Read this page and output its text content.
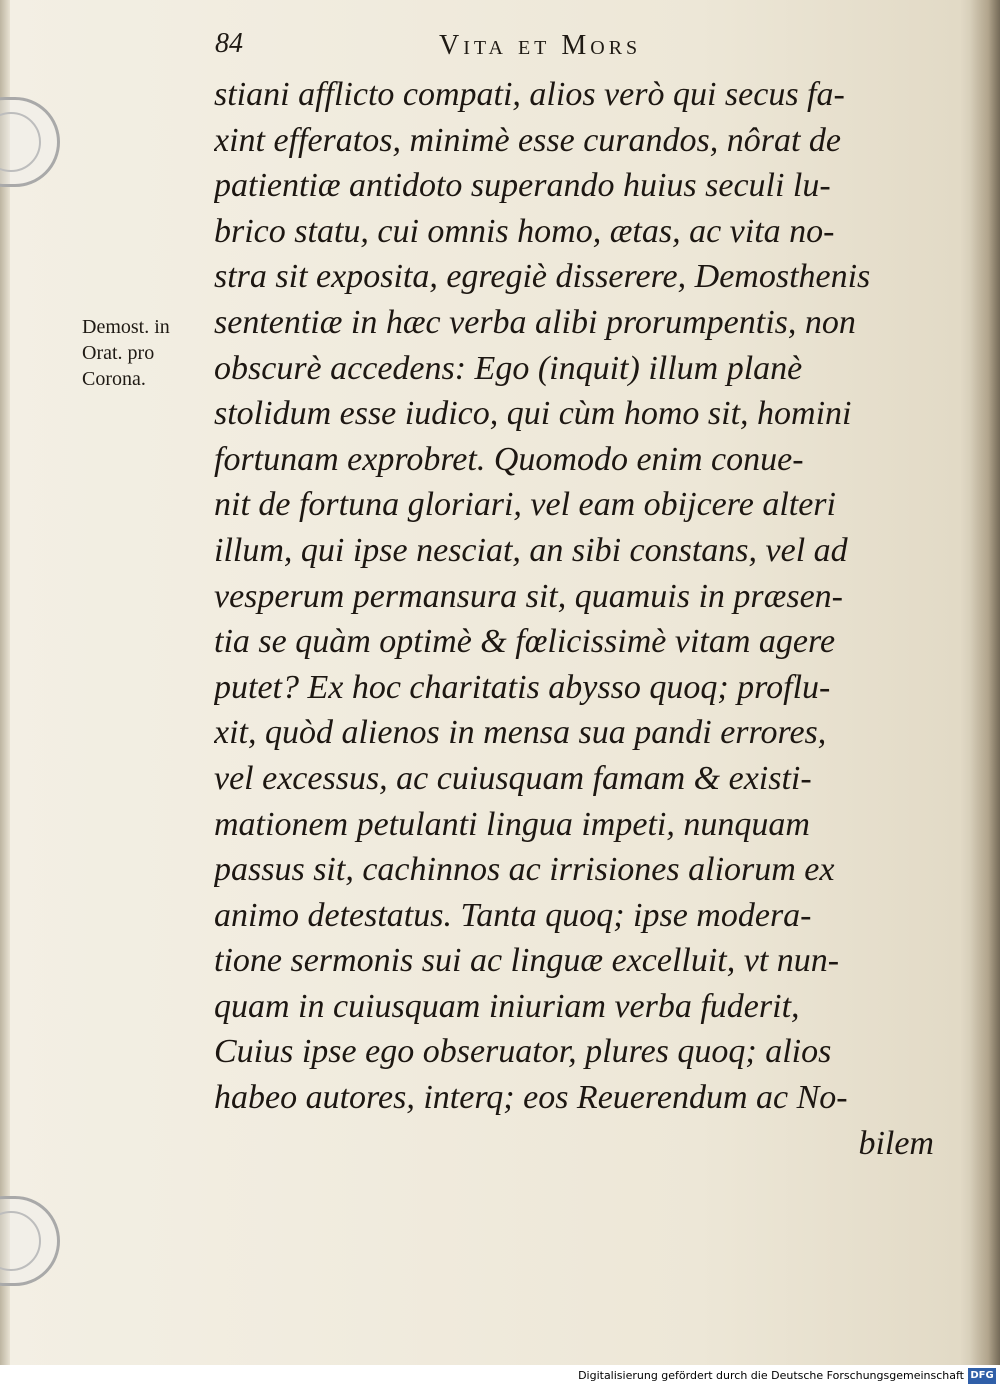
84	Vita et Mors
Demost. in
Orat. pro
Corona.
stiani afflicto compati, alios verò qui secus fa-
xint efferatos, minimè esse curandos, nôrat de
patientiæ antidoto superando huius seculi lu-
brico statu, cui omnis homo, ætas, ac vita no-
stra sit exposita, egregiè disserere, Demosthenis
sententiæ in hæc verba alibi prorumpentis, non
obscurè accedens: Ego (inquit) illum planè
stolidum esse iudico, qui cùm homo sit, homini
fortunam exprobret. Quomodo enim conue-
nit de fortuna gloriari, vel eam obijcere alteri
illum, qui ipse nesciat, an sibi constans, vel ad
vesperum permansura sit, quamuis in præsen-
tia se quàm optimè & fœlicissimè vitam agere
putet? Ex hoc charitatis abysso quoq; proflu-
xit, quòd alienos in mensa sua pandi errores,
vel excessus, ac cuiusquam famam & existi-
mationem petulanti lingua impeti, nunquam
passus sit, cachinnos ac irrisiones aliorum ex
animo detestatus. Tanta quoq; ipse modera-
tione sermonis sui ac linguæ excelluit, vt nun-
quam in cuiusquam iniuriam verba fuderit,
Cuius ipse ego obseruator, plures quoq; alios
habeo autores, interq; eos Reuerendum ac No-
bilem
Digitalisierung gefördert durch die Deutsche Forschungsgemeinschaft DFG
